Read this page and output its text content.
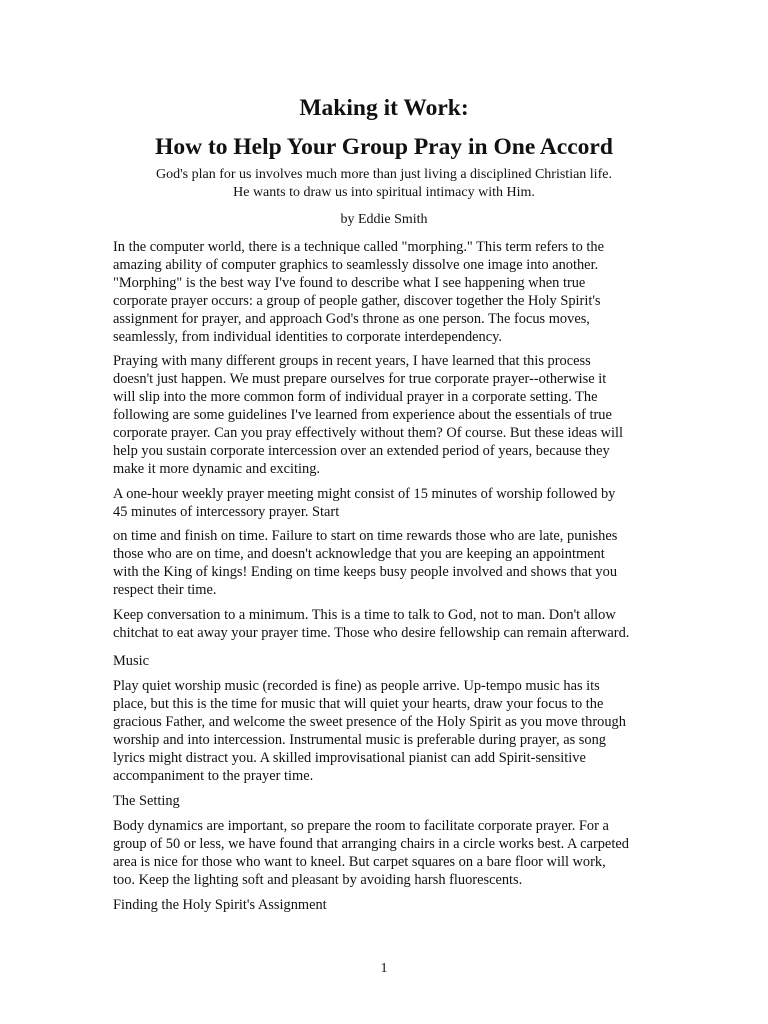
Making it Work:
How to Help Your Group Pray in One Accord
God's plan for us involves much more than just living a disciplined Christian life.
He wants to draw us into spiritual intimacy with Him.
by Eddie Smith
In the computer world, there is a technique called "morphing." This term refers to the
amazing ability of computer graphics to seamlessly dissolve one image into another.
"Morphing" is the best way I've found to describe what I see happening when true
corporate prayer occurs: a group of people gather, discover together the Holy Spirit's
assignment for prayer, and approach God's throne as one person. The focus moves,
seamlessly, from individual identities to corporate interdependency.
Praying with many different groups in recent years, I have learned that this process
doesn't just happen. We must prepare ourselves for true corporate prayer--otherwise it
will slip into the more common form of individual prayer in a corporate setting. The
following are some guidelines I've learned from experience about the essentials of true
corporate prayer. Can you pray effectively without them? Of course. But these ideas will
help you sustain corporate intercession over an extended period of years, because they
make it more dynamic and exciting.
A one-hour weekly prayer meeting might consist of 15 minutes of worship followed by
45 minutes of intercessory prayer. Start
on time and finish on time. Failure to start on time rewards those who are late, punishes
those who are on time, and doesn't acknowledge that you are keeping an appointment
with the King of kings! Ending on time keeps busy people involved and shows that you
respect their time.
Keep conversation to a minimum. This is a time to talk to God, not to man. Don't allow
chitchat to eat away your prayer time. Those who desire fellowship can remain afterward.
Music
Play quiet worship music (recorded is fine) as people arrive. Up-tempo music has its
place, but this is the time for music that will quiet your hearts, draw your focus to the
gracious Father, and welcome the sweet presence of the Holy Spirit as you move through
worship and into intercession. Instrumental music is preferable during prayer, as song
lyrics might distract you. A skilled improvisational pianist can add Spirit-sensitive
accompaniment to the prayer time.
The Setting
Body dynamics are important, so prepare the room to facilitate corporate prayer. For a
group of 50 or less, we have found that arranging chairs in a circle works best. A carpeted
area is nice for those who want to kneel. But carpet squares on a bare floor will work,
too. Keep the lighting soft and pleasant by avoiding harsh fluorescents.
Finding the Holy Spirit's Assignment
1
